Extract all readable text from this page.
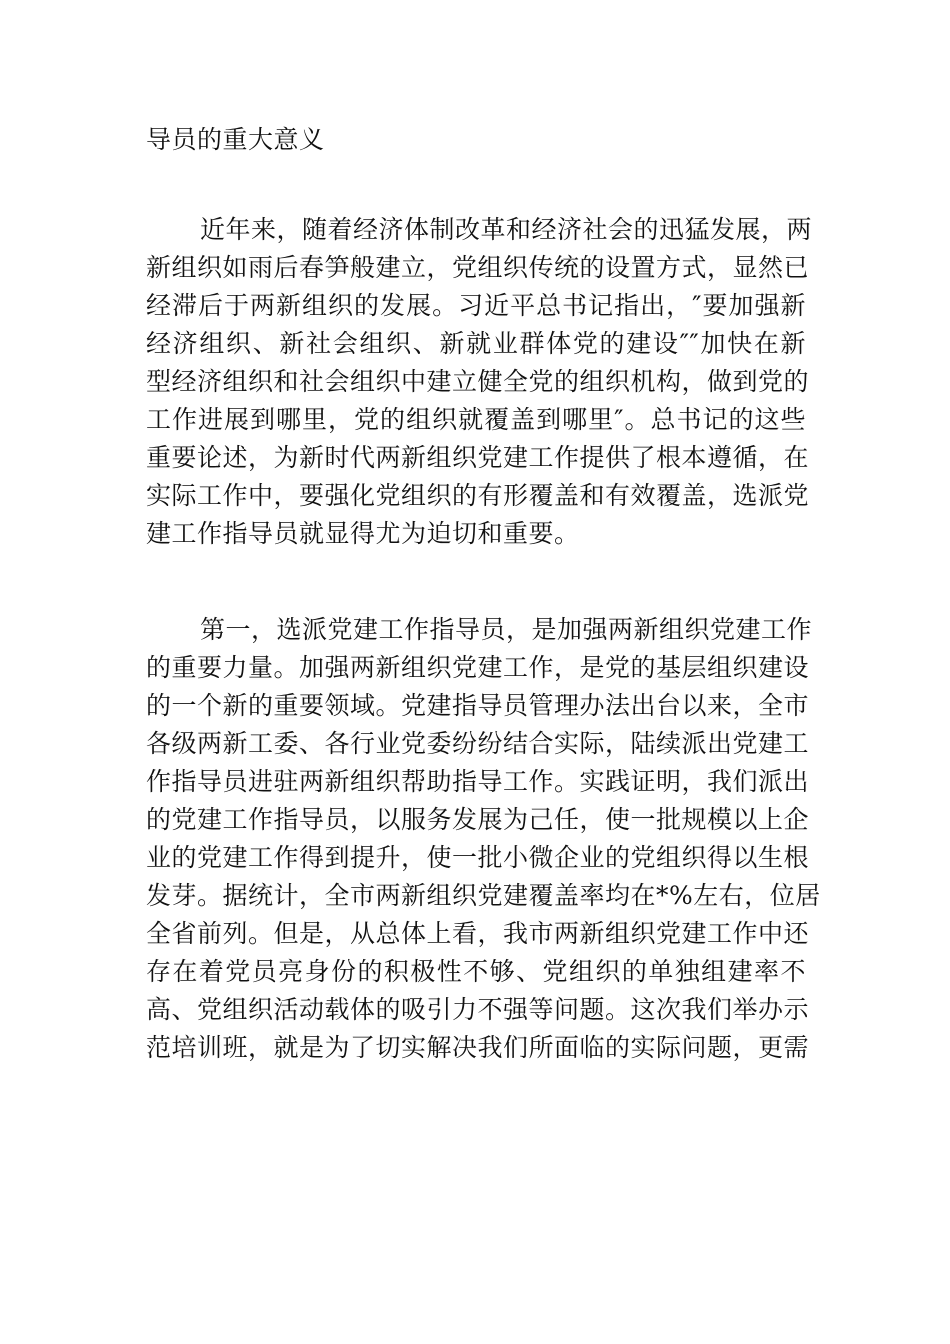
导员的重大意义
近年来，随着经济体制改革和经济社会的迅猛发展，两
新组织如雨后春笋般建立，党组织传统的设置方式，显然已
经滞后于两新组织的发展。习近平总书记指出，″要加强新
经济组织、新社会组织、新就业群体党的建设″″加快在新
型经济组织和社会组织中建立健全党的组织机构，做到党的
工作进展到哪里，党的组织就覆盖到哪里″。总书记的这些
重要论述，为新时代两新组织党建工作提供了根本遵循，在
实际工作中，要强化党组织的有形覆盖和有效覆盖，选派党
建工作指导员就显得尤为迫切和重要。
第一，选派党建工作指导员，是加强两新组织党建工作
的重要力量。加强两新组织党建工作，是党的基层组织建设
的一个新的重要领域。党建指导员管理办法出台以来，全市
各级两新工委、各行业党委纷纷结合实际，陆续派出党建工
作指导员进驻两新组织帮助指导工作。实践证明，我们派出
的党建工作指导员，以服务发展为己任，使一批规模以上企
业的党建工作得到提升，使一批小微企业的党组织得以生根
发芽。据统计，全市两新组织党建覆盖率均在*%左右，位居
全省前列。但是，从总体上看，我市两新组织党建工作中还
存在着党员亮身份的积极性不够、党组织的单独组建率不
高、党组织活动载体的吸引力不强等问题。这次我们举办示
范培训班，就是为了切实解决我们所面临的实际问题，更需
